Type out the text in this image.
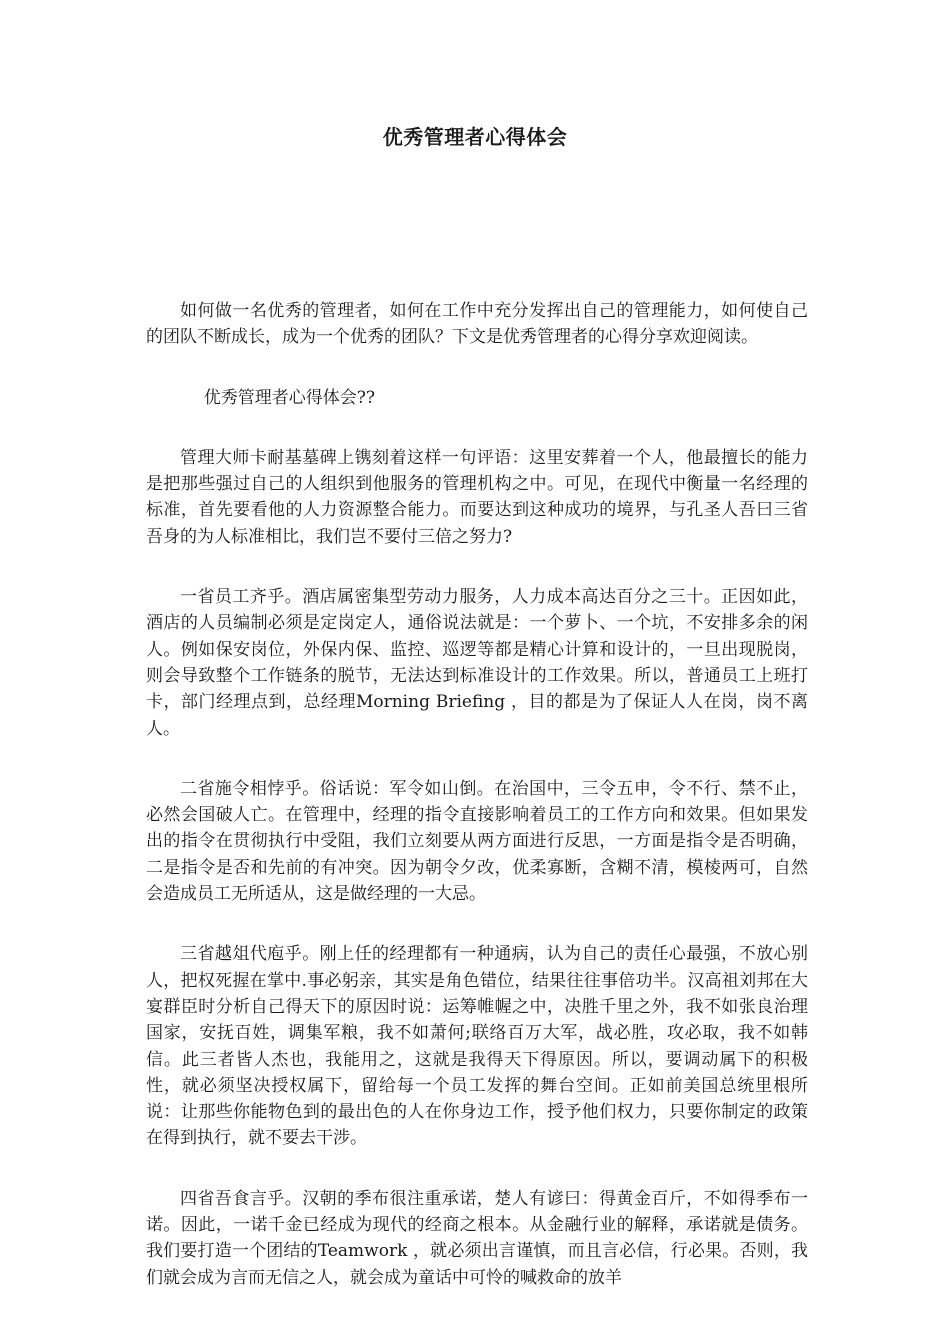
优秀管理者心得体会

如何做一名优秀的管理者，如何在工作中充分发挥出自己的管理能力，如何使自己的团队不断成长，成为一个优秀的团队？下文是优秀管理者的心得分享欢迎阅读。

优秀管理者心得体会??

管理大师卡耐基墓碑上镌刻着这样一句评语：这里安葬着一个人，他最擅长的能力是把那些强过自己的人组织到他服务的管理机构之中。可见，在现代中衡量一名经理的标准，首先要看他的人力资源整合能力。而要达到这种成功的境界，与孔圣人吾曰三省吾身的为人标准相比，我们岂不要付三倍之努力?

一省员工齐乎。酒店属密集型劳动力服务，人力成本高达百分之三十。正因如此，酒店的人员编制必须是定岗定人，通俗说法就是：一个萝卜、一个坑，不安排多余的闲人。例如保安岗位，外保内保、监控、巡逻等都是精心计算和设计的，一旦出现脱岗，则会导致整个工作链条的脱节，无法达到标准设计的工作效果。所以，普通员工上班打卡，部门经理点到，总经理Morning Briefing ，目的都是为了保证人人在岗，岗不离人。

二省施令相悖乎。俗话说：军令如山倒。在治国中，三令五申，令不行、禁不止，必然会国破人亡。在管理中，经理的指令直接影响着员工的工作方向和效果。但如果发出的指令在贯彻执行中受阻，我们立刻要从两方面进行反思，一方面是指令是否明确，二是指令是否和先前的有冲突。因为朝令夕改，优柔寡断，含糊不清，模棱两可，自然会造成员工无所适从，这是做经理的一大忌。

三省越俎代庖乎。刚上任的经理都有一种通病，认为自己的责任心最强，不放心别人，把权死握在掌中.事必躬亲，其实是角色错位，结果往往事倍功半。汉高祖刘邦在大宴群臣时分析自己得天下的原因时说：运筹帷幄之中，决胜千里之外，我不如张良治理国家，安抚百姓，调集军粮，我不如萧何;联络百万大军，战必胜，攻必取，我不如韩信。此三者皆人杰也，我能用之，这就是我得天下得原因。所以，要调动属下的积极性，就必须坚决授权属下，留给每一个员工发挥的舞台空间。正如前美国总统里根所说：让那些你能物色到的最出色的人在你身边工作，授予他们权力，只要你制定的政策在得到执行，就不要去干涉。

四省吾食言乎。汉朝的季布很注重承诺，楚人有谚曰：得黄金百斤，不如得季布一诺。因此，一诺千金已经成为现代的经商之根本。从金融行业的解释，承诺就是债务。我们要打造一个团结的Teamwork ，就必须出言谨慎，而且言必信，行必果。否则，我们就会成为言而无信之人，就会成为童话中可怜的喊救命的放羊
